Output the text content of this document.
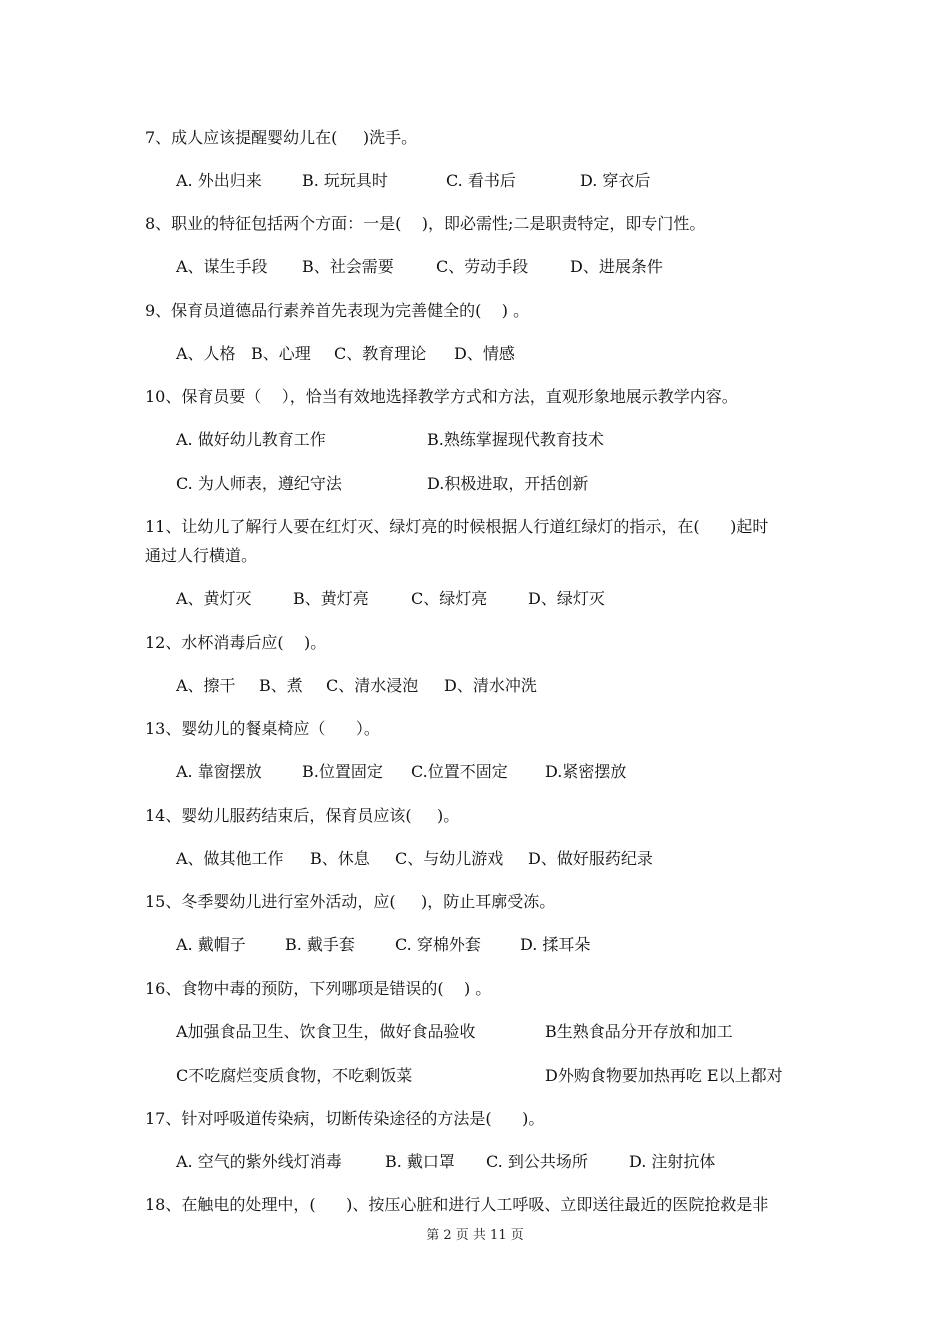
7、成人应该提醒婴幼儿在(     )洗手。
A. 外出归来	B. 玩玩具时	C. 看书后	D. 穿衣后
8、职业的特征包括两个方面：一是(    )，即必需性;二是职责特定，即专门性。
A、谋生手段 B、社会需要	C、劳动手段	D、进展条件
9、保育员道德品行素养首先表现为完善健全的(    ) 。
A、人格 B、心理 C、教育理论 D、情感
10、保育员要（    ），恰当有效地选择教学方式和方法，直观形象地展示教学内容。
A. 做好幼儿教育工作	B.熟练掌握现代教育技术
C. 为人师表，遵纪守法	D.积极进取，开括创新
11、让幼儿了解行人要在红灯灭、绿灯亮的时候根据人行道红绿灯的指示，在(      )起时
通过人行横道。
A、黄灯灭	B、黄灯亮	C、绿灯亮	D、绿灯灭
12、水杯消毒后应(    )。
A、擦干 B、煮 C、清水浸泡 D、清水冲洗
13、婴幼儿的餐桌椅应（      ）。
A. 靠窗摆放	B.位置固定 C.位置不固定 D.紧密摆放
14、婴幼儿服药结束后，保育员应该(     )。
A、做其他工作 B、休息 C、与幼儿游戏 D、做好服药纪录
15、冬季婴幼儿进行室外活动，应(     )，防止耳廓受冻。
A. 戴帽子 B. 戴手套	C. 穿棉外套 D. 揉耳朵
16、食物中毒的预防，下列哪项是错误的(    ) 。
A加强食品卫生、饮食卫生，做好食品验收	B生熟食品分开存放和加工
C不吃腐烂变质食物，不吃剩饭菜	D外购食物要加热再吃 E以上都对
17、针对呼吸道传染病，切断传染途径的方法是(      )。
A. 空气的紫外线灯消毒	B. 戴口罩 C. 到公共场所	D. 注射抗体
18、在触电的处理中，(      )、按压心脏和进行人工呼吸、立即送往最近的医院抢救是非
第 2 页 共 11 页
